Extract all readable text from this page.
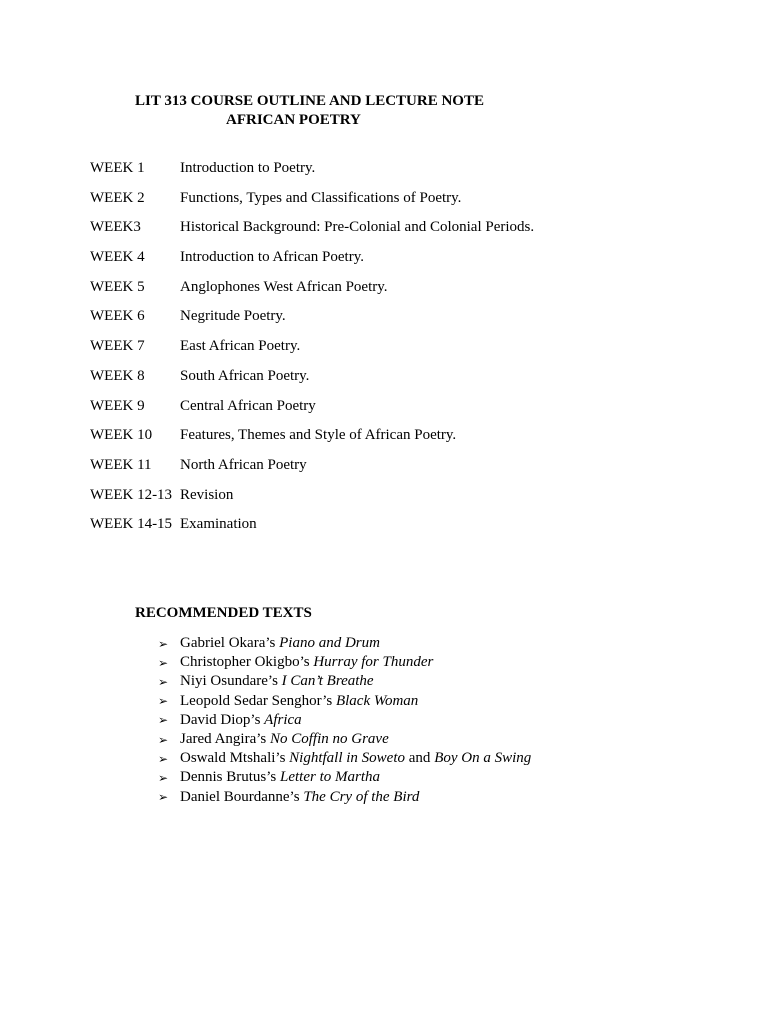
LIT 313 COURSE OUTLINE AND LECTURE NOTE
AFRICAN POETRY
WEEK 1	Introduction to Poetry.
WEEK 2	Functions, Types and Classifications of Poetry.
WEEK3	Historical Background: Pre-Colonial and Colonial Periods.
WEEK 4	Introduction to African Poetry.
WEEK 5	Anglophones West African Poetry.
WEEK 6	Negritude Poetry.
WEEK 7	East African Poetry.
WEEK 8	South African Poetry.
WEEK 9	Central African Poetry
WEEK 10	Features, Themes and Style of African Poetry.
WEEK 11	North African Poetry
WEEK 12-13 Revision
WEEK 14-15 Examination
RECOMMENDED TEXTS
➢ Gabriel Okara’s Piano and Drum
➢ Christopher Okigbo’s Hurray for Thunder
➢ Niyi Osundare’s I Can’t Breathe
➢ Leopold Sedar Senghor’s Black Woman
➢ David Diop’s Africa
➢ Jared Angira’s No Coffin no Grave
➢ Oswald Mtshali’s Nightfall in Soweto and Boy On a Swing
➢ Dennis Brutus’s Letter to Martha
➢ Daniel Bourdanne’s The Cry of the Bird
